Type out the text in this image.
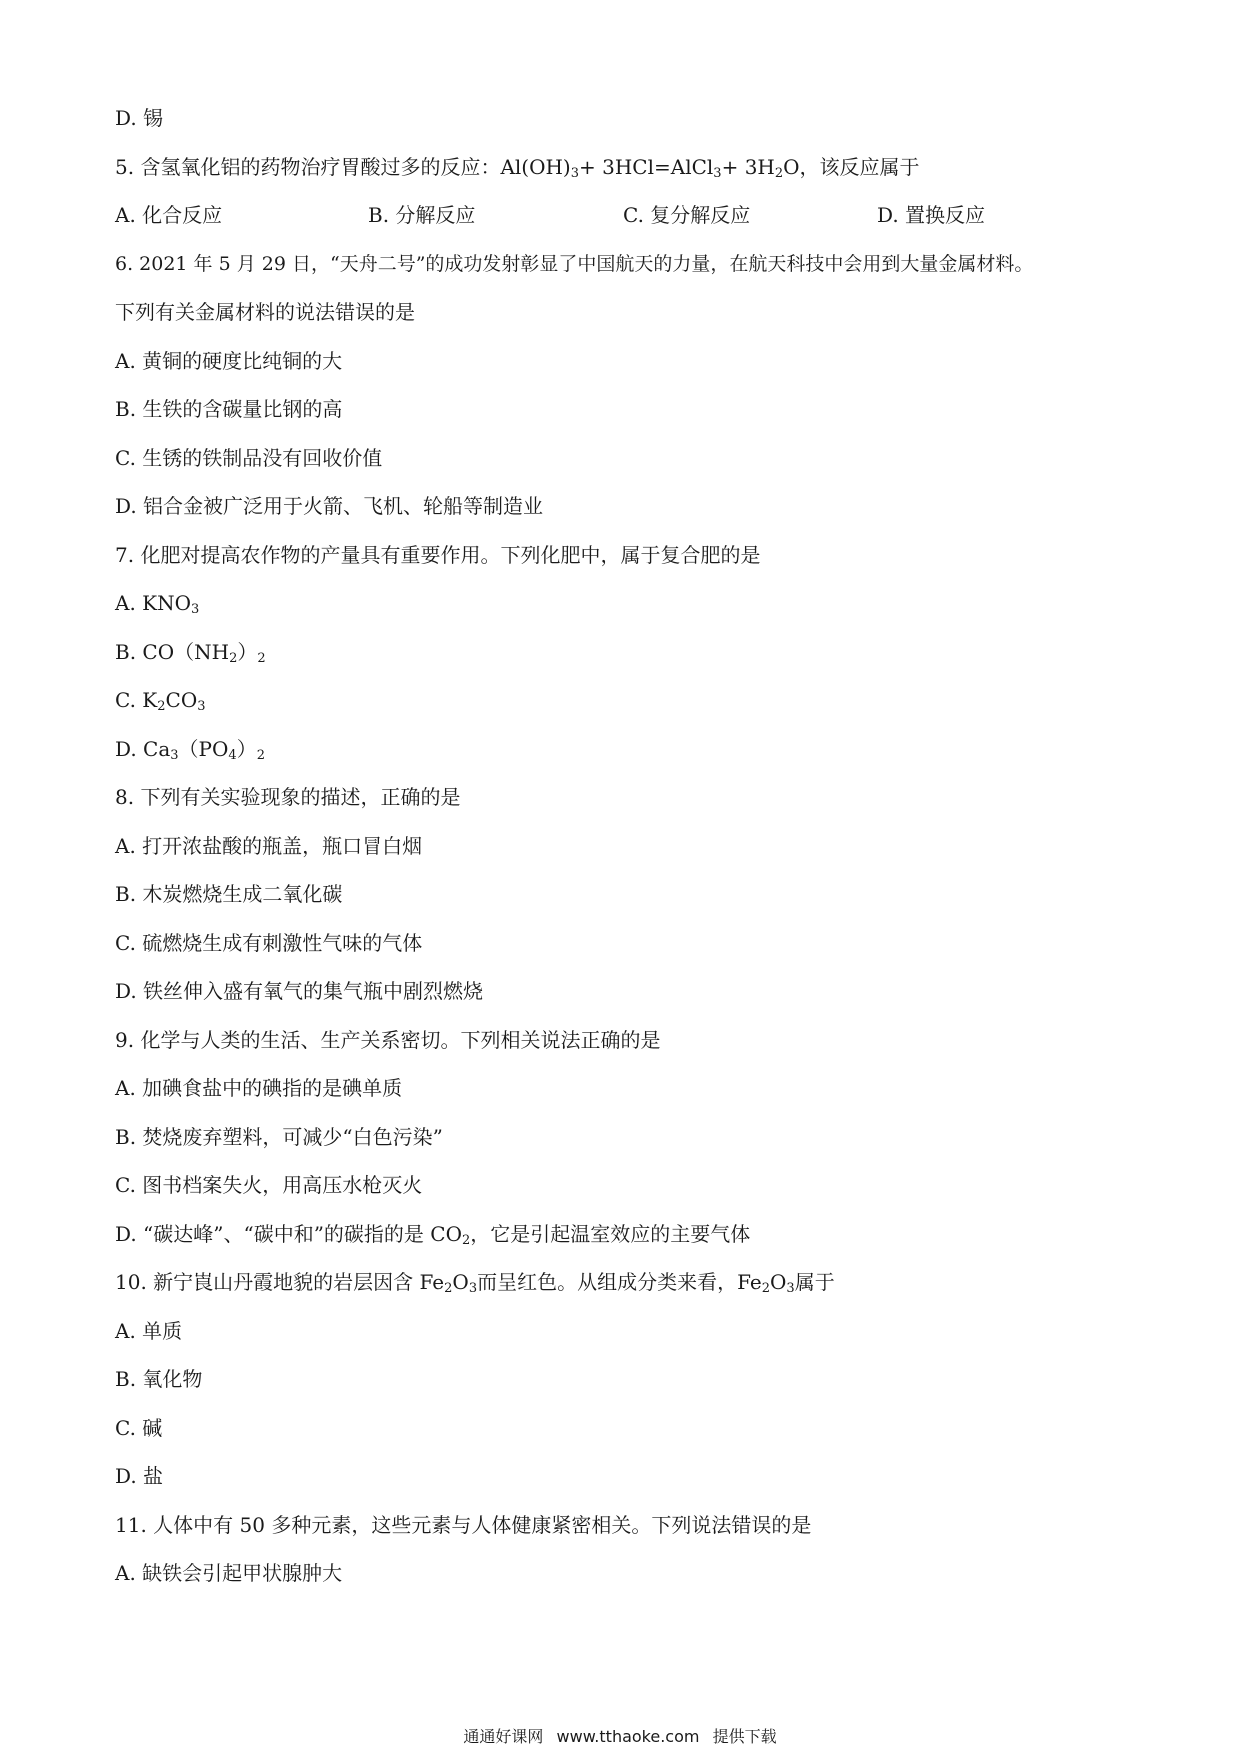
D. 锡
5. 含氢氧化铝的药物治疗胃酸过多的反应：$Al(OH)_3+$ 3HCl=AlCl$_3$+ $3H_2O$，该反应属于
A. 化合反应	B. 分解反应	C. 复分解反应	D. 置换反应
6. 2021 年 5 月 29 日，“天舟二号”的成功发射彰显了中国航天的力量，在航天科技中会用到大量金属材料。
下列有关金属材料的说法错误的是
A. 黄铜的硬度比纯铜的大
B. 生铁的含碳量比钢的高
C. 生锈的铁制品没有回收价值
D. 铝合金被广泛用于火箭、飞机、轮船等制造业
7. 化肥对提高农作物的产量具有重要作用。下列化肥中，属于复合肥的是
A. $KNO_3$
B. $CO(NH_2)_2$
C. $K_2CO_3$
D. $Ca_3(PO_4)_2$
8. 下列有关实验现象的描述，正确的是
A. 打开浓盐酸的瓶盖，瓶口冒白烟
B. 木炭燃烧生成二氧化碳
C. 硫燃烧生成有刺激性气味的气体
D. 铁丝伸入盛有氧气的集气瓶中剧烈燃烧
9. 化学与人类的生活、生产关系密切。下列相关说法正确的是
A. 加碘食盐中的碘指的是碘单质
B. 焚烧废弃塑料，可减少“白色污染”
C. 图书档案失火，用高压水枪灭火
D. “碳达峰”、“碳中和”的碳指的是 $CO_2$，它是引起温室效应的主要气体
10. 新宁崀山丹霞地貌的岩层因含 $Fe_2O_3$而呈红色。从组成分类来看，$Fe_2O_3$属于
A. 单质
B. 氧化物
C. 碱
D. 盐
11. 人体中有 50 多种元素，这些元素与人体健康紧密相关。下列说法错误的是
A. 缺铁会引起甲状腺肿大
通通好课网 www.tthaoke.com 提供下载
